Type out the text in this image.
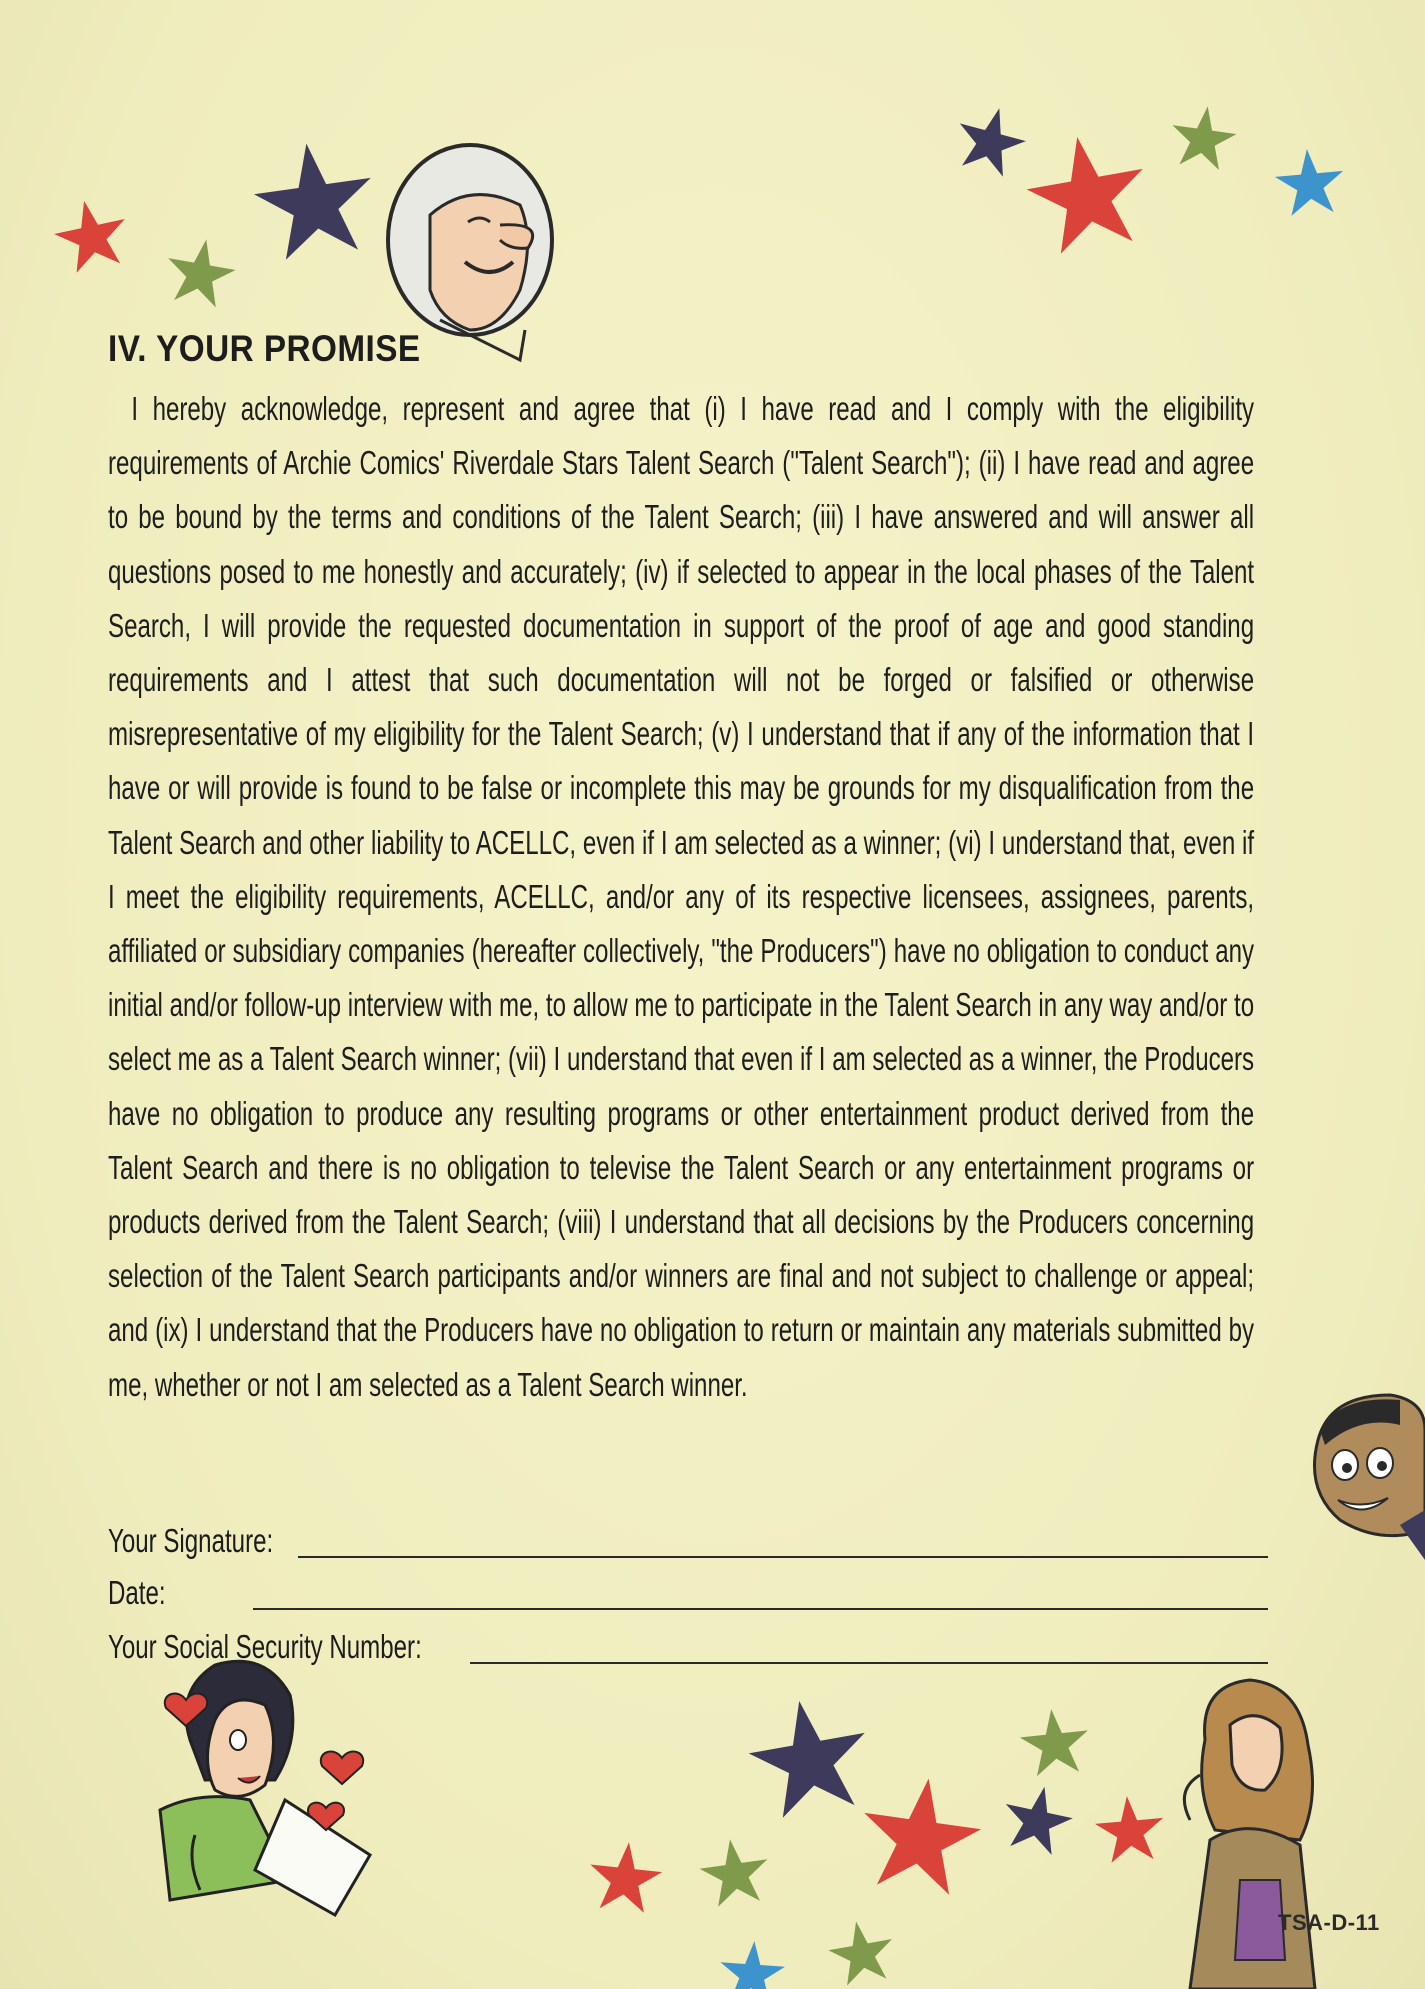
IV. YOUR PROMISE
I hereby acknowledge, represent and agree that (i) I have read and I comply with the eligibility requirements of Archie Comics' Riverdale Stars Talent Search ("Talent Search"); (ii) I have read and agree to be bound by the terms and conditions of the Talent Search; (iii) I have answered and will answer all questions posed to me honestly and accurately; (iv) if selected to appear in the local phases of the Talent Search, I will provide the requested documentation in support of the proof of age and good standing requirements and I attest that such documentation will not be forged or falsified or otherwise misrepresentative of my eligibility for the Talent Search; (v) I understand that if any of the information that I have or will provide is found to be false or incomplete this may be grounds for my disqualification from the Talent Search and other liability to ACELLC, even if I am selected as a winner; (vi) I understand that, even if I meet the eligibility requirements, ACELLC, and/or any of its respective licensees, assignees, parents, affiliated or subsidiary companies (hereafter collectively, "the Producers") have no obligation to conduct any initial and/or follow-up interview with me, to allow me to participate in the Talent Search in any way and/or to select me as a Talent Search winner; (vii) I understand that even if I am selected as a winner, the Producers have no obligation to produce any resulting programs or other entertainment product derived from the Talent Search and there is no obligation to televise the Talent Search or any entertainment programs or products derived from the Talent Search; (viii) I understand that all decisions by the Producers concerning selection of the Talent Search participants and/or winners are final and not subject to challenge or appeal; and (ix) I understand that the Producers have no obligation to return or maintain any materials submitted by me, whether or not I am selected as a Talent Search winner.
Your Signature:
Date:
Your Social Security Number:
TSA-D-11
